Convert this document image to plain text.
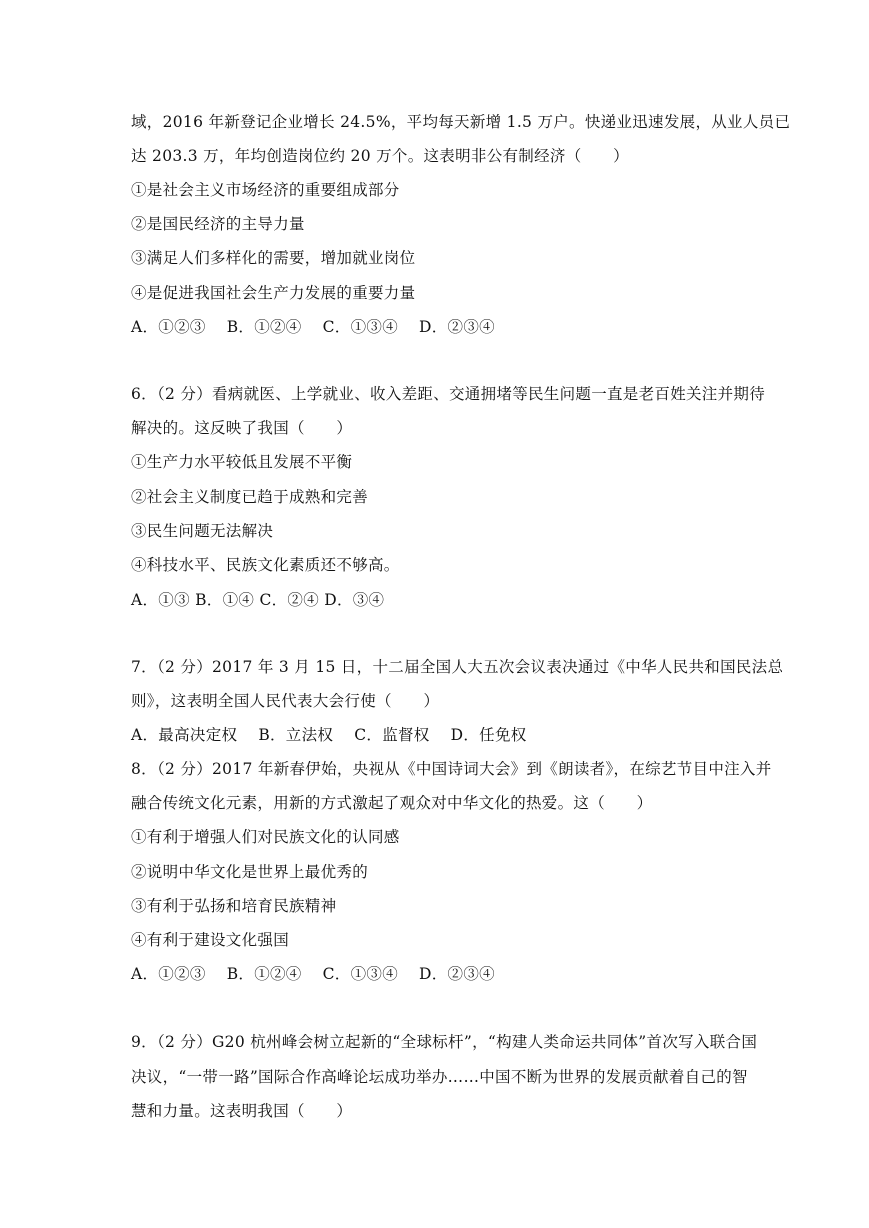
域，2016 年新登记企业增长 24.5%，平均每天新增 1.5 万户。快递业迅速发展，从业人员已
达 203.3 万，年均创造岗位约 20 万个。这表明非公有制经济（　　）
①是社会主义市场经济的重要组成部分
②是国民经济的主导力量
③满足人们多样化的需要，增加就业岗位
④是促进我国社会生产力发展的重要力量
A．①②③　 B．①②④　 C．①③④　 D．②③④
6．（2 分）看病就医、上学就业、收入差距、交通拥堵等民生问题一直是老百姓关注并期待
解决的。这反映了我国（　　）
①生产力水平较低且发展不平衡
②社会主义制度已趋于成熟和完善
③民生问题无法解决
④科技水平、民族文化素质还不够高。
A．①③ B．①④ C．②④ D．③④
7．（2 分）2017 年 3 月 15 日，十二届全国人大五次会议表决通过《中华人民共和国民法总
则》，这表明全国人民代表大会行使（　　）
A．最高决定权　 B．立法权　 C．监督权　 D．任免权
8．（2 分）2017 年新春伊始，央视从《中国诗词大会》到《朗读者》，在综艺节目中注入并
融合传统文化元素，用新的方式激起了观众对中华文化的热爱。这（　　）
①有利于增强人们对民族文化的认同感
②说明中华文化是世界上最优秀的
③有利于弘扬和培育民族精神
④有利于建设文化强国
A．①②③　 B．①②④　 C．①③④　 D．②③④
9．（2 分）G20 杭州峰会树立起新的“全球标杆”，“构建人类命运共同体”首次写入联合国
决议，“一带一路”国际合作高峰论坛成功举办……中国不断为世界的发展贡献着自己的智
慧和力量。这表明我国（　　）
